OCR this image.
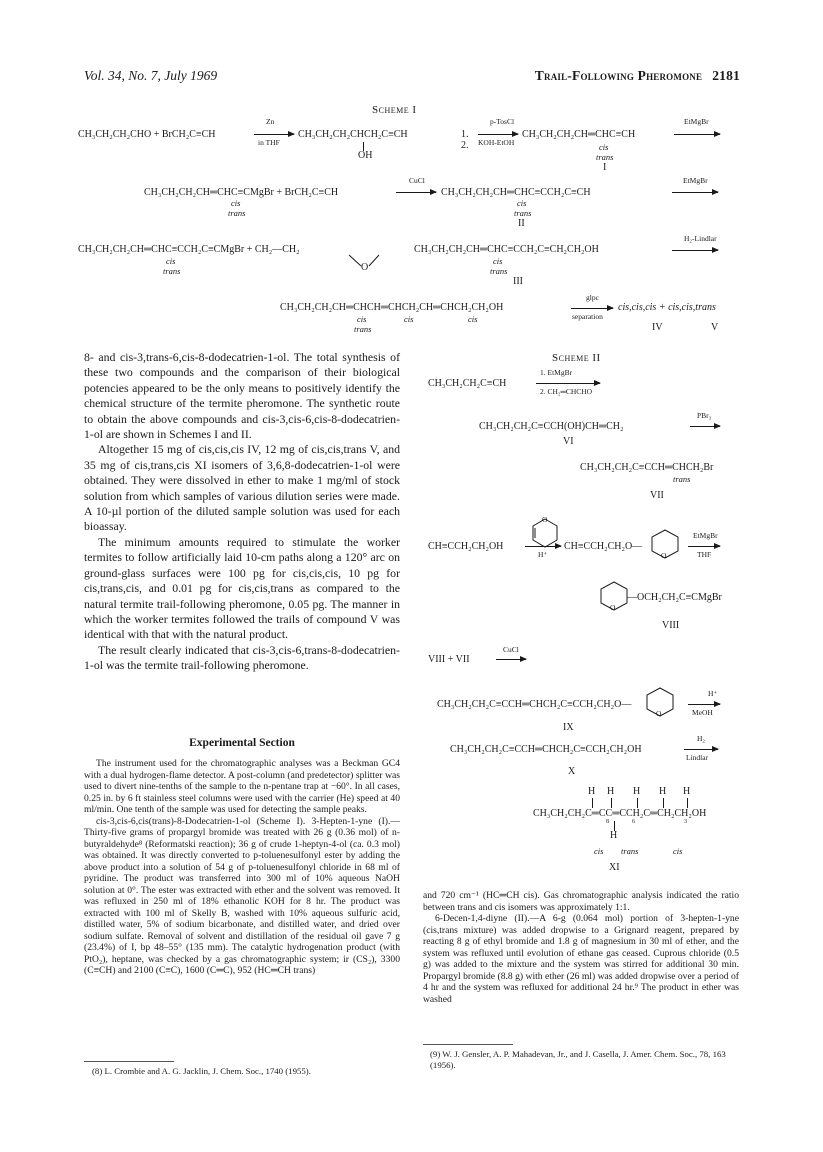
Vol. 34, No. 7, July 1969	Trail-Following Pheromone 2181
Scheme I
CH₃CH₂CH₂CHO + BrCH₂C≡CH
Zn
in THF
CH₃CH₂CH₂CHCH₂C≡CH
OH
1.
2.
p-TosCl
KOH-EtOH
CH₃CH₂CH₂CH═CHC≡CH
cis
trans
I
EtMgBr
CH₃CH₂CH₂CH═CHC≡CMgBr + BrCH₂C≡CH
cis
trans
CuCl
CH₃CH₂CH₂CH═CHC≡CCH₂C≡CH
cis
trans
II
EtMgBr
CH₃CH₂CH₂CH═CHC≡CCH₂C≡CMgBr + CH₂—CH₂
cis
trans	O
CH₃CH₂CH₂CH═CHC≡CCH₂C≡CH₂CH₂OH
cis
trans
III
H₂-Lindlar
CH₃CH₂CH₂CH═CHCH═CHCH₂CH═CHCH₂CH₂OH
cis
trans
cis	cis
glpc
separation
cis,cis,cis + cis,cis,trans
IV	V

8- and cis-3,trans-6,cis-8-dodecatrien-1-ol. The total synthesis of these two compounds and the comparison of their biological potencies appeared to be the only means to positively identify the chemical structure of the termite pheromone. The synthetic route to obtain the above compounds and cis-3,cis-6,cis-8-dodecatrien-1-ol are shown in Schemes I and II.

Altogether 15 mg of cis,cis,cis IV, 12 mg of cis,cis,trans V, and 35 mg of cis,trans,cis XI isomers of 3,6,8-dodecatrien-1-ol were obtained. They were dissolved in ether to make 1 mg/ml of stock solution from which samples of various dilution series were made. A 10-µl portion of the diluted sample solution was used for each bioassay.

The minimum amounts required to stimulate the worker termites to follow artificially laid 10-cm paths along a 120° arc on ground-glass surfaces were 100 pg for cis,cis,cis, 10 pg for cis,trans,cis, and 0.01 pg for cis,cis,trans as compared to the natural termite trail-following pheromone, 0.05 pg. The manner in which the worker termites followed the trails of compound V was identical with that with the natural product.

The result clearly indicated that cis-3,cis-6,trans-8-dodecatrien-1-ol was the termite trail-following pheromone.

Experimental Section

The instrument used for the chromatographic analyses was a Beckman GC4 with a dual hydrogen-flame detector. A post-column (and predetector) splitter was used to divert nine-tenths of the sample to the n-pentane trap at −60°. In all cases, 0.25 in. by 6 ft stainless steel columns were used with the carrier (He) speed at 40 ml/min. One tenth of the sample was used for detecting the sample peaks.

cis-3,cis-6,cis(trans)-8-Dodecatrien-1-ol (Scheme I). 3-Hepten-1-yne (I).—Thirty-five grams of propargyl bromide was treated with 26 g (0.36 mol) of n-butyraldehyde⁸ (Reformatski reaction); 36 g of crude 1-heptyn-4-ol (ca. 0.3 mol) was obtained. It was directly converted to p-toluenesulfonyl ester by adding the above product into a solution of 54 g of p-toluenesulfonyl chloride in 68 ml of pyridine. The product was transferred into 300 ml of 10% aqueous NaOH solution at 0°. The ester was extracted with ether and the solvent was removed. It was refluxed in 250 ml of 18% ethanolic KOH for 8 hr. The product was extracted with 100 ml of Skelly B, washed with 10% aqueous sulfuric acid, distilled water, 5% of sodium bicarbonate, and distilled water, and dried over sodium sulfate. Removal of solvent and distillation of the residual oil gave 7 g (23.4%) of I, bp 48–55° (135 mm). The catalytic hydrogenation product (with PtO₂), heptane, was checked by a gas chromatographic system; ir (CS₂), 3300 (C≡CH) and 2100 (C≡C), 1600 (C═C), 952 (HC═CH trans)

(8) L. Crombie and A. G. Jacklin, J. Chem. Soc., 1740 (1955).
Scheme II
CH₃CH₂CH₂C≡CH
1. EtMgBr
2. CH₂═CHCHO
CH₃CH₂CH₂C≡CCH(OH)CH═CH₂
PBr₃
VI
CH₃CH₂CH₂C≡CCH═CHCH₂Br
trans
VII
CH≡CCH₂CH₂OH
O
H⁺
CH≡CCH₂CH₂O—
O
EtMgBr
THF
O
—OCH₂CH₂C≡CMgBr
VIII
VIII + VII
CuCl
CH₃CH₂CH₂C≡CCH═CHCH₂C≡CCH₂CH₂O—
O
H⁺
MeOH
IX
CH₃CH₂CH₂C≡CCH═CHCH₂C≡CCH₂CH₂OH
H₂
Lindlar
X
H H H H H
CH₃CH₂CH₂C═CC═CCH₂C═CH₂CH₂OH
8	6	3
H
cis trans	cis
XI

and 720 cm⁻¹ (HC═CH cis). Gas chromatographic analysis indicated the ratio between trans and cis isomers was approximately 1:1.

6-Decen-1,4-diyne (II).—A 6-g (0.064 mol) portion of 3-hepten-1-yne (cis,trans mixture) was added dropwise to a Grignard reagent, prepared by reacting 8 g of ethyl bromide and 1.8 g of magnesium in 30 ml of ether, and the system was refluxed until evolution of ethane gas ceased. Cuprous chloride (0.5 g) was added to the mixture and the system was stirred for additional 30 min. Propargyl bromide (8.8 g) with ether (26 ml) was added dropwise over a period of 4 hr and the system was refluxed for additional 24 hr.⁹ The product in ether was washed

(9) W. J. Gensler, A. P. Mahadevan, Jr., and J. Casella, J. Amer. Chem. Soc., 78, 163 (1956).
